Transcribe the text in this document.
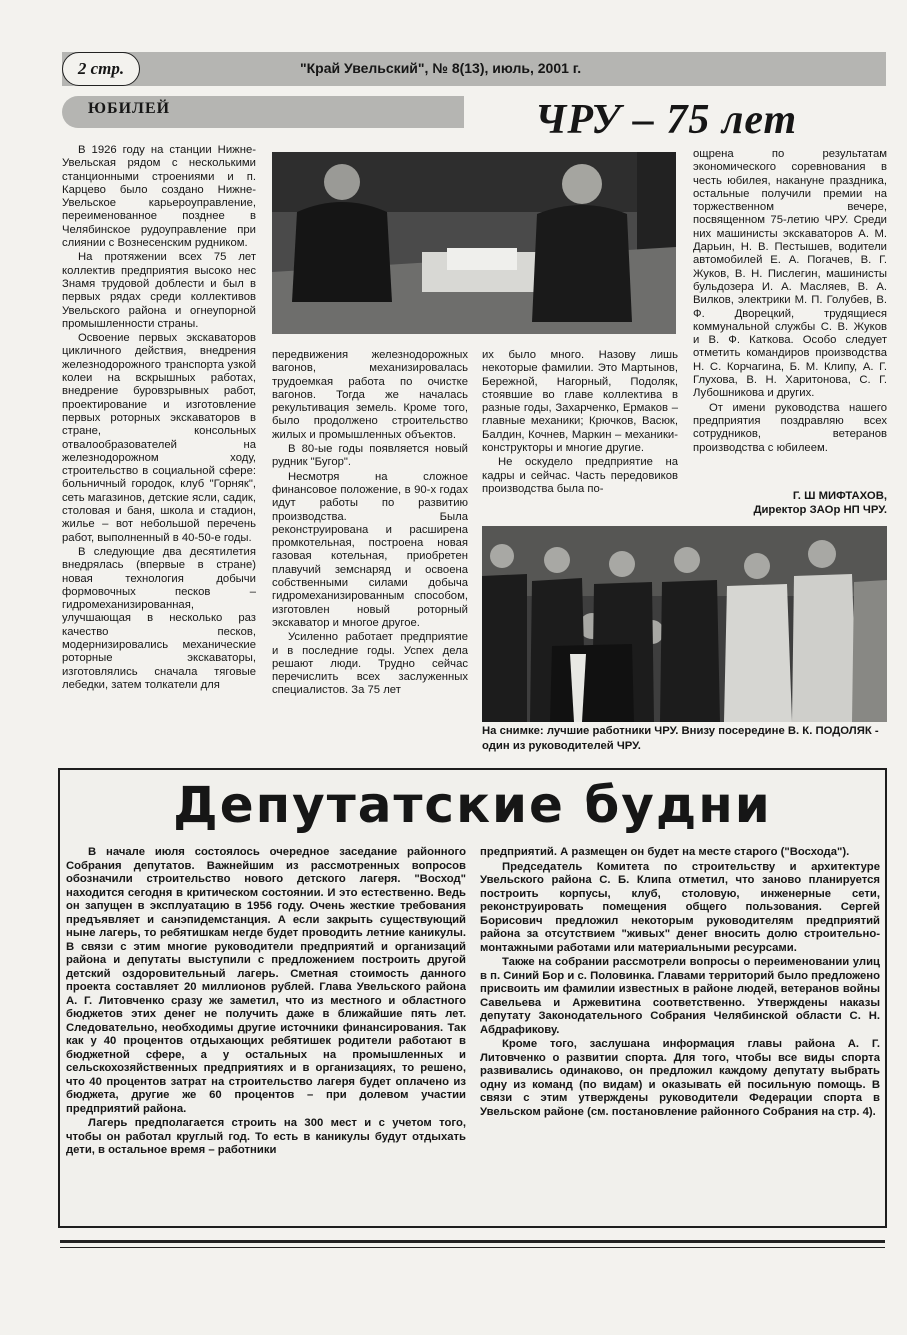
2 стр.	"Край Увельский", № 8(13), июль, 2001 г.
ЮБИЛЕЙ	ЧРУ – 75 лет

В 1926 году на станции Нижне-Увельская рядом с несколькими станционными строениями и п. Карцево было создано Нижне-Увельское карьероуправление, переименованное позднее в Челябинское рудоуправление при слиянии с Вознесенским рудником.

На протяжении всех 75 лет коллектив предприятия высоко нес Знамя трудовой доблести и был в первых рядах среди коллективов Увельского района и огнеупорной промышленности страны.

Освоение первых экскаваторов цикличного действия, внедрения железнодорожного транспорта узкой колеи на вскрышных работах, внедрение буровзрывных работ, проектирование и изготовление первых роторных экскаваторов в стране, консольных отвалообразователей на железнодорожном ходу, строительство в социальной сфере: больничный городок, клуб "Горняк", сеть магазинов, детские ясли, садик, столовая и баня, школа и стадион, жилье – вот небольшой перечень работ, выполненный в 40-50-е годы.

В следующие два десятилетия внедрялась (впервые в стране) новая технология добычи формовочных песков – гидромеханизированная, улучшающая в несколько раз качество песков, модернизировались механические роторные экскаваторы, изготовлялись сначала тяговые лебедки, затем толкатели для

передвижения железнодорожных вагонов, механизировалась трудоемкая работа по очистке вагонов. Тогда же началась рекультивация земель. Кроме того, было продолжено строительство жилых и промышленных объектов.

В 80-ые годы появляется новый рудник "Бугор".

Несмотря на сложное финансовое положение, в 90-х годах идут работы по развитию производства. Была реконструирована и расширена промкотельная, построена новая газовая котельная, приобретен плавучий земснаряд и освоена собственными силами добыча гидромеханизированным способом, изготовлен новый роторный экскаватор и многое другое.

Усиленно работает предприятие и в последние годы. Успех дела решают люди. Трудно сейчас перечислить всех заслуженных специалистов. За 75 лет

их было много. Назову лишь некоторые фамилии. Это Мартынов, Бережной, Нагорный, Подоляк, стоявшие во главе коллектива в разные годы, Захарченко, Ермаков – главные механики; Крючков, Васюк, Балдин, Кочнев, Маркин – механики-конструкторы и многие другие.

Не оскудело предприятие на кадры и сейчас. Часть передовиков производства была по-

ощрена по результатам экономического соревнования в честь юбилея, накануне праздника, остальные получили премии на торжественном вечере, посвященном 75-летию ЧРУ. Среди них машинисты экскаваторов А. М. Дарьин, Н. В. Пестышев, водители автомобилей Е. А. Погачев, В. Г. Жуков, В. Н. Пислегин, машинисты бульдозера И. А. Масляев, В. А. Вилков, электрики М. П. Голубев, В. Ф. Дворецкий, трудящиеся коммунальной службы С. В. Жуков и В. Ф. Каткова. Особо следует отметить командиров производства Н. С. Корчагина, Б. М. Клипу, А. Г. Глухова, В. Н. Харитонова, С. Г. Лубошникова и других.

От имени руководства нашего предприятия поздравляю всех сотрудников, ветеранов производства с юбилеем.

Г. Ш МИФТАХОВ,
Директор ЗАОр НП ЧРУ.
На снимке: лучшие работники ЧРУ. Внизу посередине В. К. ПОДОЛЯК - один из руководителей ЧРУ.
Депутатские будни

В начале июля состоялось очередное заседание районного Собрания депутатов. Важнейшим из рассмотренных вопросов обозначили строительство нового детского лагеря. "Восход" находится сегодня в критическом состоянии. И это естественно. Ведь он запущен в эксплуатацию в 1956 году. Очень жесткие требования предъявляет и санэпидемстанция. А если закрыть существующий ныне лагерь, то ребятишкам негде будет проводить летние каникулы. В связи с этим многие руководители предприятий и организаций района и депутаты выступили с предложением построить другой детский оздоровительный лагерь. Сметная стоимость данного проекта составляет 20 миллионов рублей. Глава Увельского района А. Г. Литовченко сразу же заметил, что из местного и областного бюджетов этих денег не получить даже в ближайшие пять лет. Следовательно, необходимы другие источники финансирования. Так как у 40 процентов отдыхающих ребятишек родители работают в бюджетной сфере, а у остальных на промышленных и сельскохозяйственных предприятиях и в организациях, то решено, что 40 процентов затрат на строительство лагеря будет оплачено из бюджета, другие же 60 процентов – при долевом участии предприятий района.

Лагерь предполагается строить на 300 мест и с учетом того, чтобы он работал круглый год. То есть в каникулы будут отдыхать дети, в остальное время – работники

предприятий. А размещен он будет на месте старого ("Восхода").

Председатель Комитета по строительству и архитектуре Увельского района С. Б. Клипа отметил, что заново планируется построить корпусы, клуб, столовую, инженерные сети, реконструировать помещения общего пользования. Сергей Борисович предложил некоторым руководителям предприятий района за отсутствием "живых" денег вносить долю строительно-монтажными работами или материальными ресурсами.

Также на собрании рассмотрели вопросы о переименовании улиц в п. Синий Бор и с. Половинка. Главами территорий было предложено присвоить им фамилии известных в районе людей, ветеранов войны Савельева и Аржевитина соответственно. Утверждены наказы депутату Законодательного Собрания Челябинской области С. Н. Абдрафикову.

Кроме того, заслушана информация главы района А. Г. Литовченко о развитии спорта. Для того, чтобы все виды спорта развивались одинаково, он предложил каждому депутату выбрать одну из команд (по видам) и оказывать ей посильную помощь. В связи с этим утверждены руководители Федерации спорта в Увельском районе (см. постановление районного Собрания на стр. 4).
